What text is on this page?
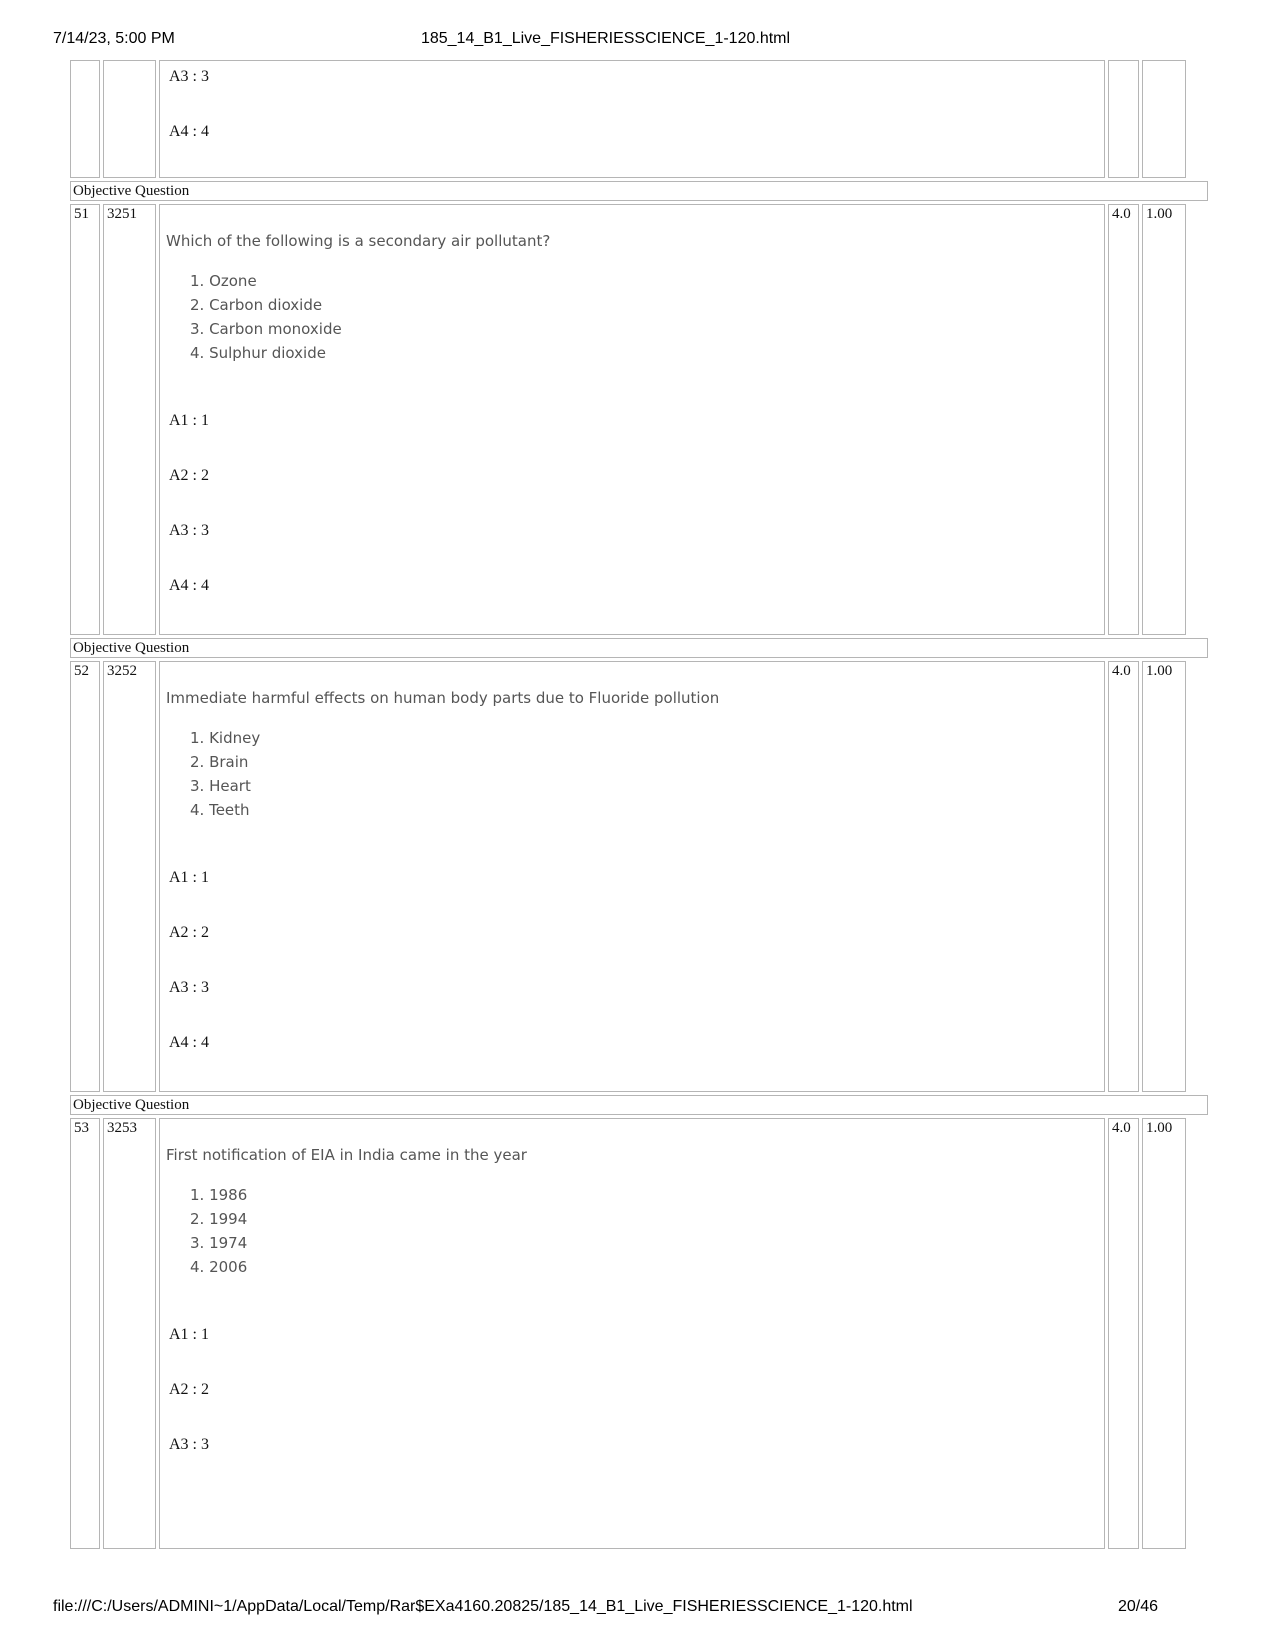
7/14/23, 5:00 PM	185_14_B1_Live_FISHERIESSCIENCE_1-120.html
A3 : 3
A4 : 4
Objective Question
51	3251
Which of the following is a secondary air pollutant?
1. Ozone
2. Carbon dioxide
3. Carbon monoxide
4. Sulphur dioxide
A1 : 1
A2 : 2
A3 : 3
A4 : 4
4.0	1.00
Objective Question
52	3252
Immediate harmful effects on human body parts due to Fluoride pollution
1. Kidney
2. Brain
3. Heart
4. Teeth
A1 : 1
A2 : 2
A3 : 3
A4 : 4
4.0	1.00
Objective Question
53	3253
First notification of EIA in India came in the year
1. 1986
2. 1994
3. 1974
4. 2006
A1 : 1
A2 : 2
A3 : 3
4.0	1.00
file:///C:/Users/ADMINI~1/AppData/Local/Temp/Rar$EXa4160.20825/185_14_B1_Live_FISHERIESSCIENCE_1-120.html	20/46
